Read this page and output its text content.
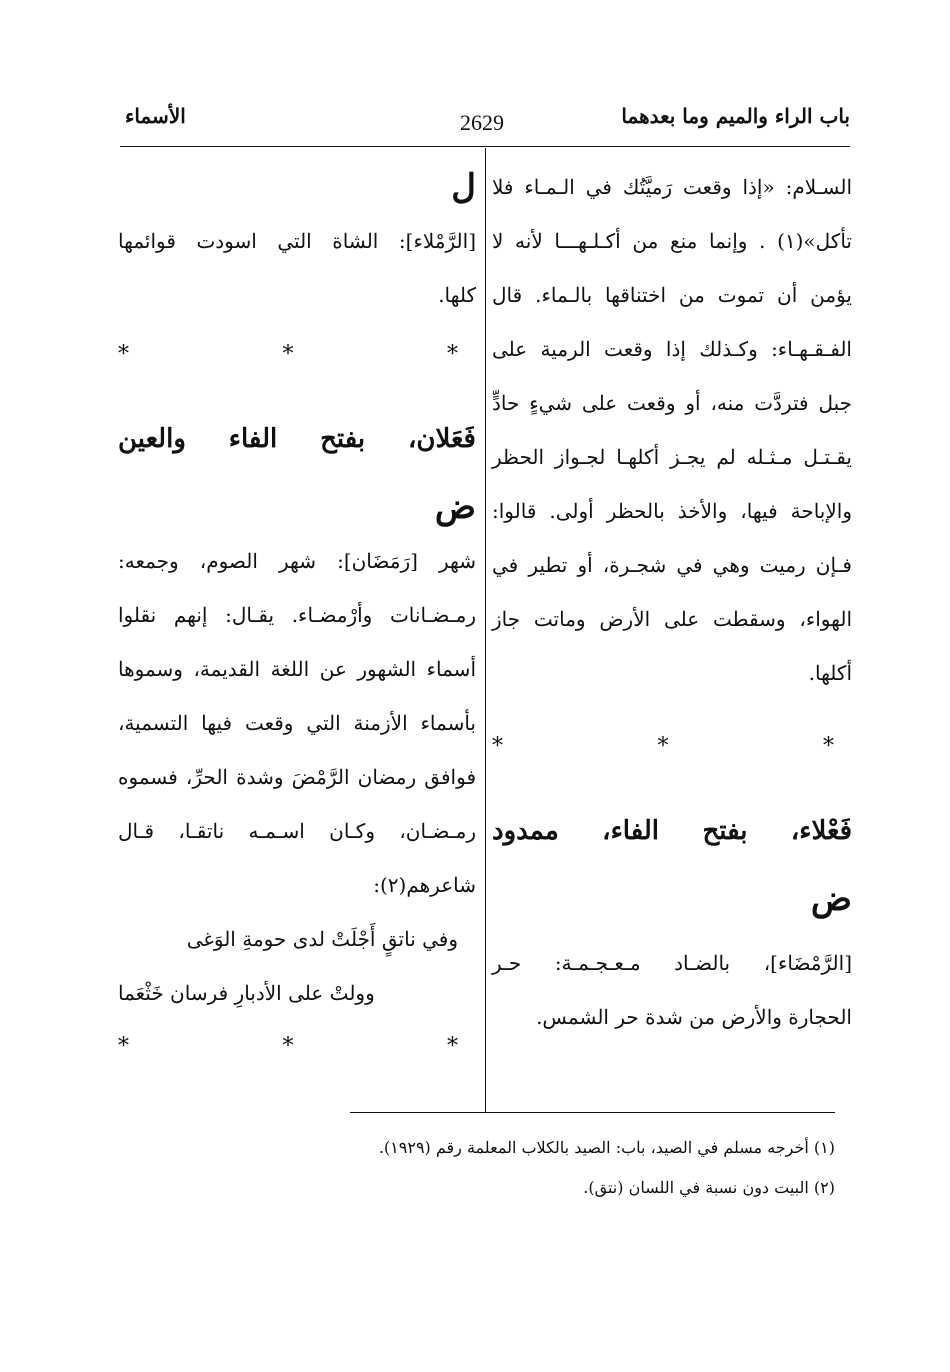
باب الراء والميم وما بعدهما
2629
الأسماء
السـلام: «إذا وقعت رَميَّتُك في الـمـاء فلا
تأكل»(١) . وإنما منع من أكـلـهـــا لأنه لا
يؤمن أن تموت من اختناقها بالـماء. قال
الفـقـهـاء: وكـذلك إذا وقعت الرمية على
جبل فتردَّت منه، أو وقعت على شيءٍ حادٍّ
يقـتـل مـثـله لم يجـز أكلهـا لجـواز الحظر
والإباحة فيها، والأخذ بالحظر أولى. قالوا:
فـإن رميت وهي في شجـرة، أو تطير في
الهواء، وسقطت على الأرض وماتت جاز
أكلها.
* * *
فَعْلاء، بفتح الفاء، ممدود
ض
[الرَّمْضَاء]، بالضـاد مـعـجـمـة: حـر
الحجارة والأرض من شدة حر الشمس.
ل
[الرَّمْلاء]: الشاة التي اسودت قوائمها
كلها.
* * *
فَعَلان، بفتح الفاء والعين
ض
شهر [رَمَضَان]: شهر الصوم، وجمعه:
رمـضـانات وأرْمضـاء. يقـال: إنهم نقلوا
أسماء الشهور عن اللغة القديمة، وسموها
بأسماء الأزمنة التي وقعت فيها التسمية،
فوافق رمضان الرَّمْضَ وشدة الحرِّ، فسموه
رمـضـان، وكـان اسـمـه ناتقـا، قـال
شاعرهم(٢):
وفي ناتقٍ أَجْلَتْ لدى حومةِ الوَغى
وولتْ على الأدبارِ فرسان خَثْعَما
* * *
(١) أخرجه مسلم في الصيد، باب: الصيد بالكلاب المعلمة رقم (١٩٢٩).
(٢) البيت دون نسبة في اللسان (نتق).
